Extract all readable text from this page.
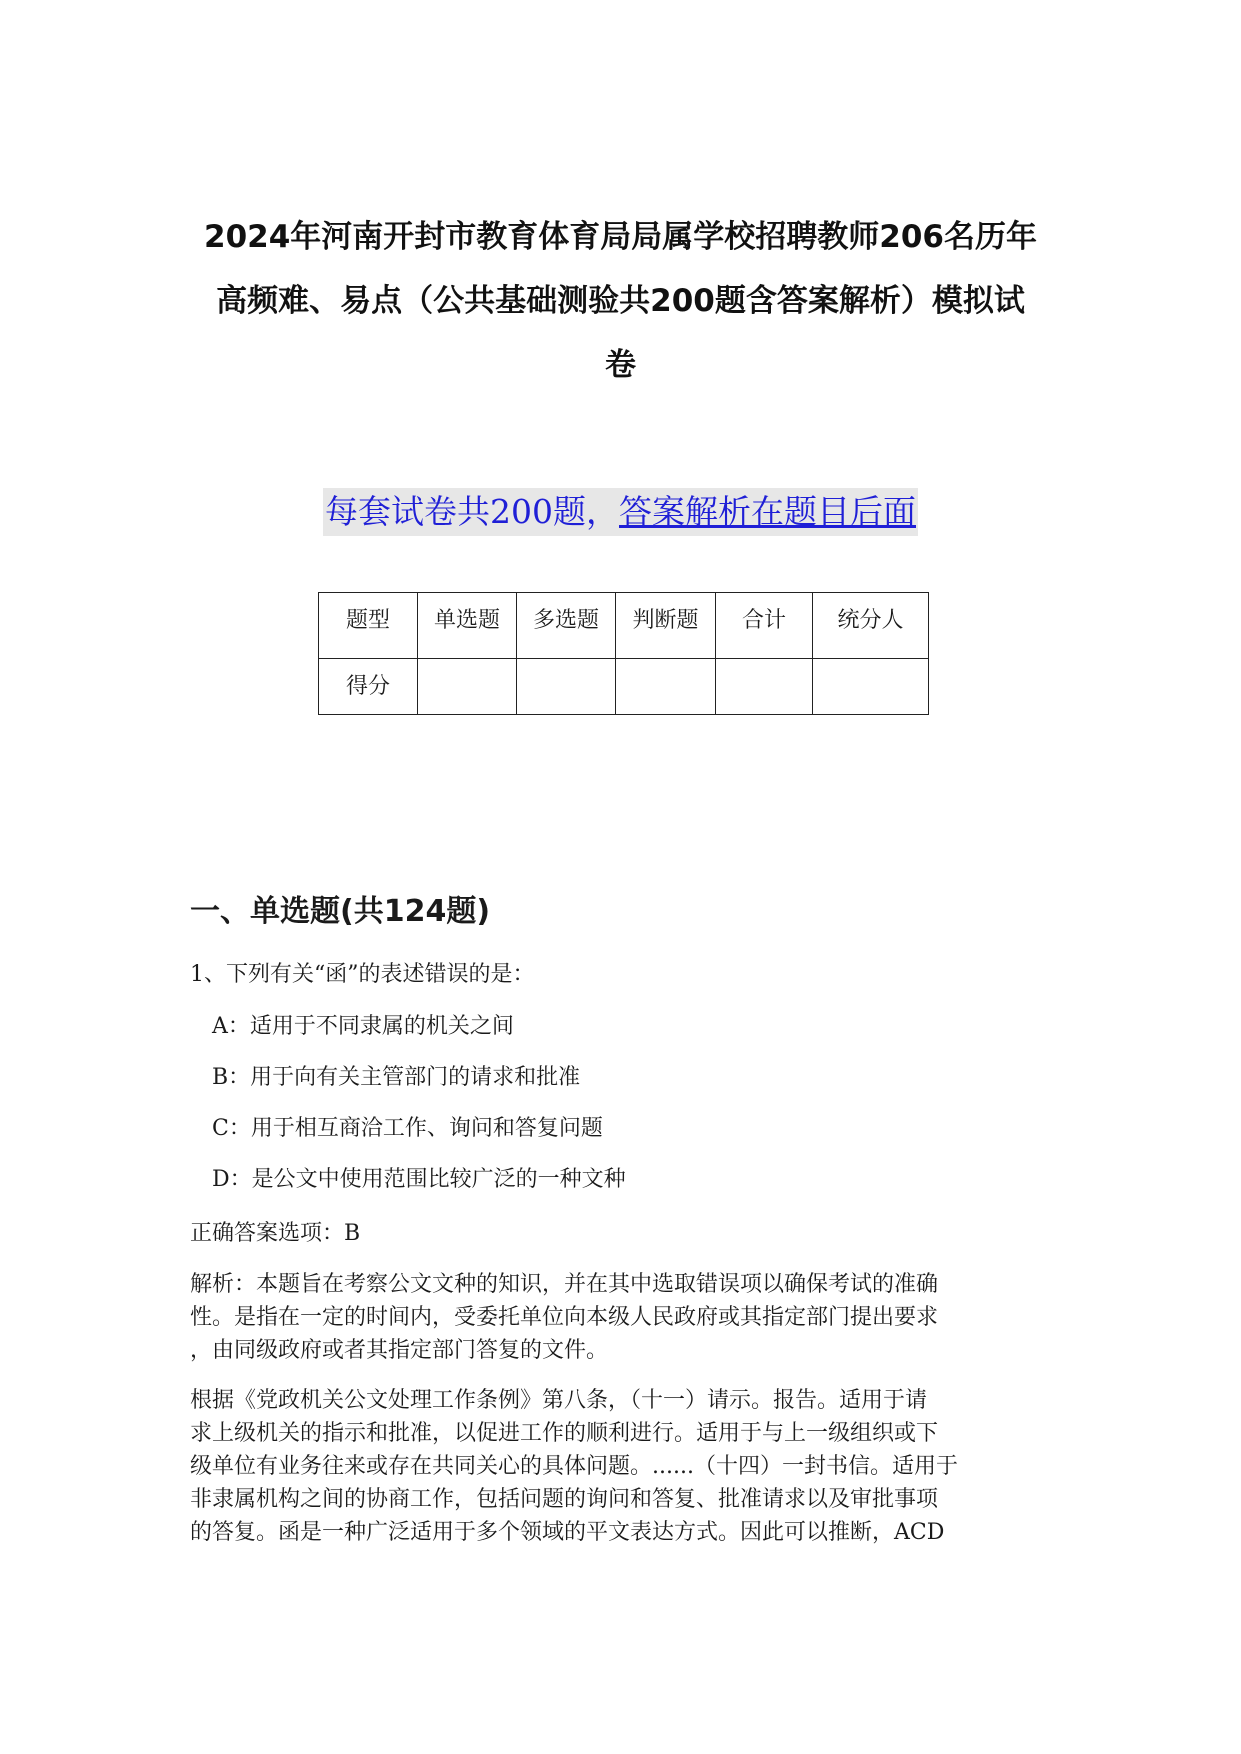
2024年河南开封市教育体育局局属学校招聘教师206名历年
高频难、易点（公共基础测验共200题含答案解析）模拟试
卷
每套试卷共200题，答案解析在题目后面
题型	单选题	多选题	判断题	合计	统分人
得分					
一、单选题(共124题)
1、下列有关“函”的表述错误的是：
A：适用于不同隶属的机关之间
B：用于向有关主管部门的请求和批准
C：用于相互商洽工作、询问和答复问题
D：是公文中使用范围比较广泛的一种文种
正确答案选项：B
解析：本题旨在考察公文文种的知识，并在其中选取错误项以确保考试的准确
性。是指在一定的时间内，受委托单位向本级人民政府或其指定部门提出要求
，由同级政府或者其指定部门答复的文件。
根据《党政机关公文处理工作条例》第八条，（十一）请示。报告。适用于请
求上级机关的指示和批准，以促进工作的顺利进行。适用于与上一级组织或下
级单位有业务往来或存在共同关心的具体问题。......（十四）一封书信。适用于
非隶属机构之间的协商工作，包括问题的询问和答复、批准请求以及审批事项
的答复。函是一种广泛适用于多个领域的平文表达方式。因此可以推断，ACD
